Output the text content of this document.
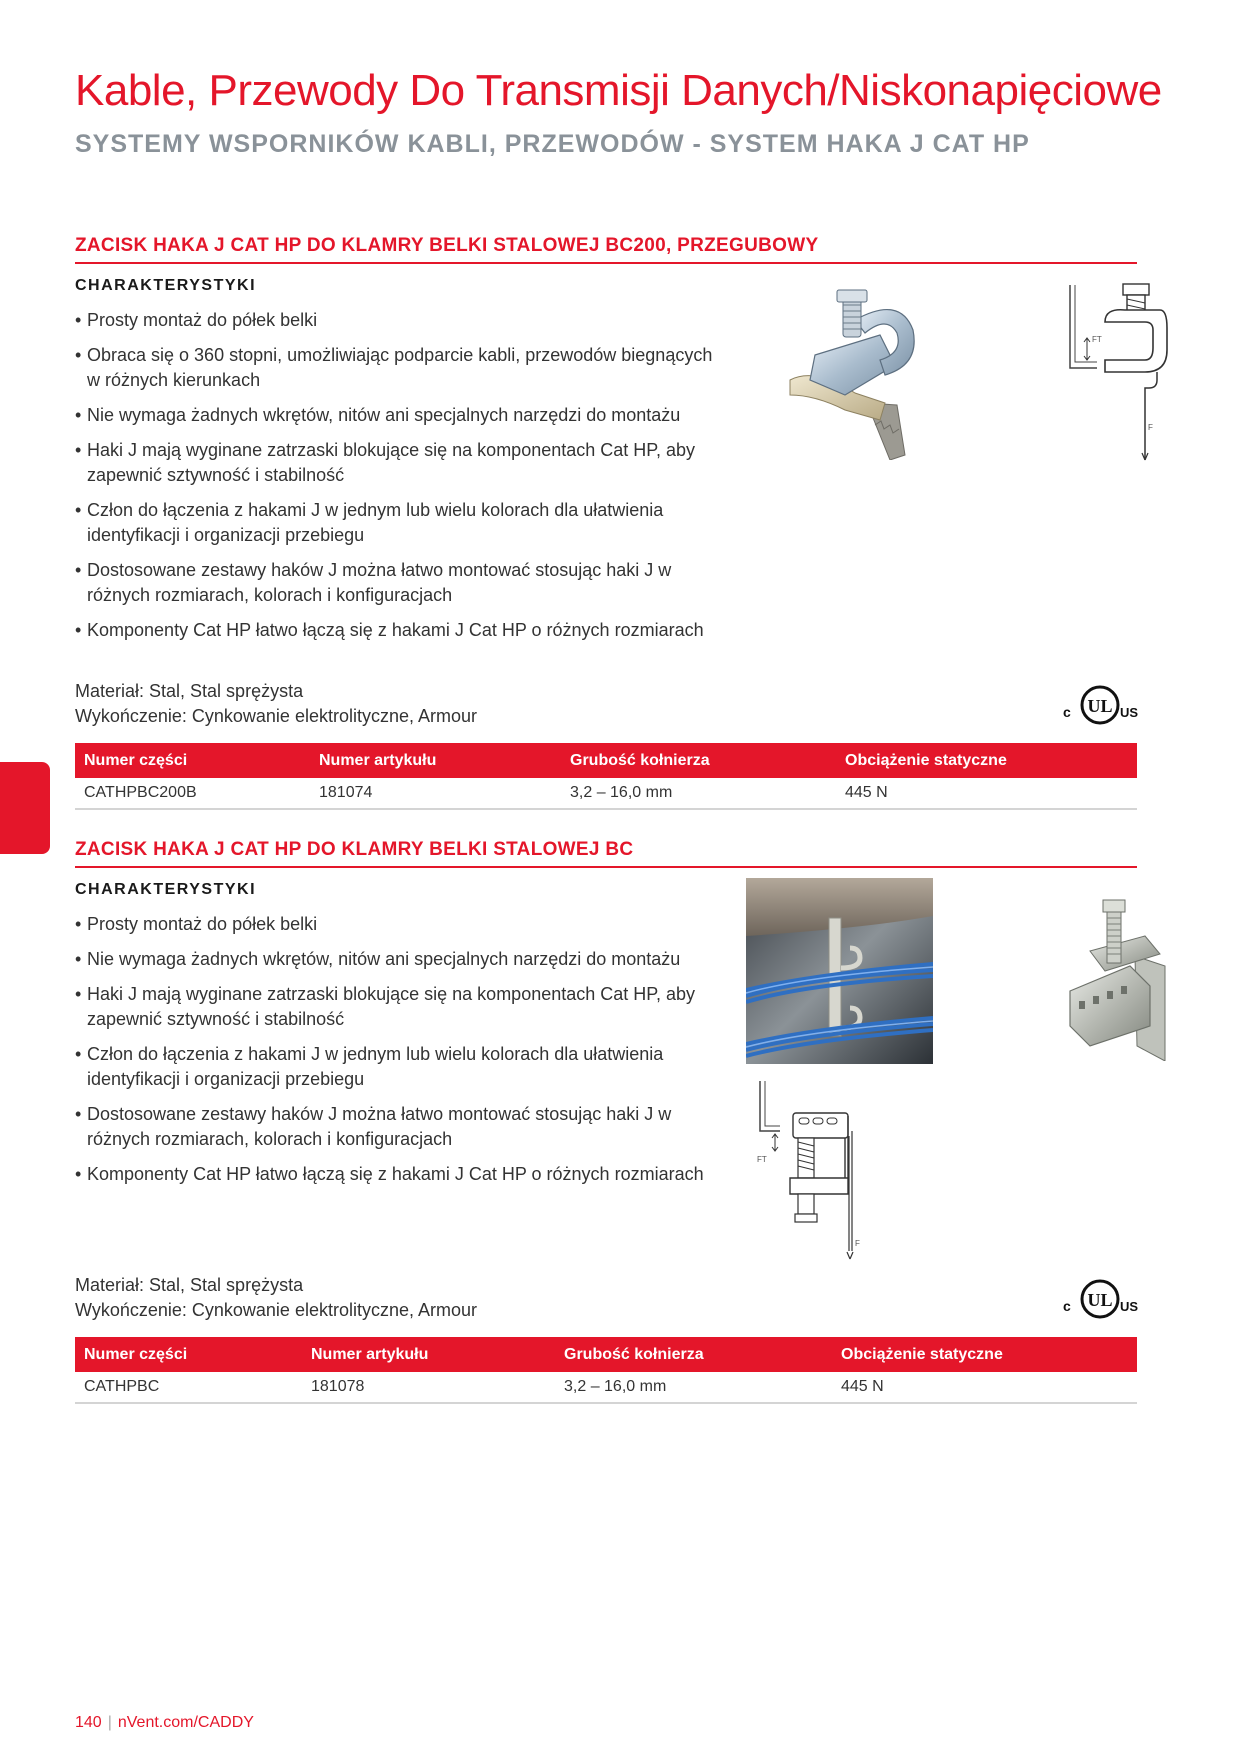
Kable, Przewody Do Transmisji Danych/Niskonapięciowe
SYSTEMY WSPORNIKÓW KABLI, PRZEWODÓW - SYSTEM HAKA J CAT HP
ZACISK HAKA J CAT HP DO KLAMRY BELKI STALOWEJ BC200, PRZEGUBOWY

CHARAKTERYSTYKI

• Prosty montaż do półek belki
• Obraca się o 360 stopni, umożliwiając podparcie kabli, przewodów biegnących w różnych kierunkach
• Nie wymaga żadnych wkrętów, nitów ani specjalnych narzędzi do montażu
• Haki J mają wyginane zatrzaski blokujące się na komponentach Cat HP, aby zapewnić sztywność i stabilność
• Człon do łączenia z hakami J w jednym lub wielu kolorach dla ułatwienia identyfikacji i organizacji przebiegu
• Dostosowane zestawy haków J można łatwo montować stosując haki J w różnych rozmiarach, kolorach i konfiguracjach
• Komponenty Cat HP łatwo łączą się z hakami J Cat HP o różnych rozmiarach
FT
F

Materiał: Stal, Stal sprężysta

Wykończenie: Cynkowanie elektrolityczne, Armour	UL
c	US
Numer części	Numer artykułu	Grubość kołnierza	Obciążenie statyczne
CATHPBC200B	181074	3,2 – 16,0 mm	445 N
ZACISK HAKA J CAT HP DO KLAMRY BELKI STALOWEJ BC

CHARAKTERYSTYKI

• Prosty montaż do półek belki
• Nie wymaga żadnych wkrętów, nitów ani specjalnych narzędzi do montażu
• Haki J mają wyginane zatrzaski blokujące się na komponentach Cat HP, aby zapewnić sztywność i stabilność
• Człon do łączenia z hakami J w jednym lub wielu kolorach dla ułatwienia identyfikacji i organizacji przebiegu
• Dostosowane zestawy haków J można łatwo montować stosując haki J w różnych rozmiarach, kolorach i konfiguracjach
• Komponenty Cat HP łatwo łączą się z hakami J Cat HP o różnych rozmiarach
FT
F

Materiał: Stal, Stal sprężysta

Wykończenie: Cynkowanie elektrolityczne, Armour	UL
c	US
Numer części	Numer artykułu	Grubość kołnierza	Obciążenie statyczne
CATHPBC	181078	3,2 – 16,0 mm	445 N
140 | nVent.com/CADDY
